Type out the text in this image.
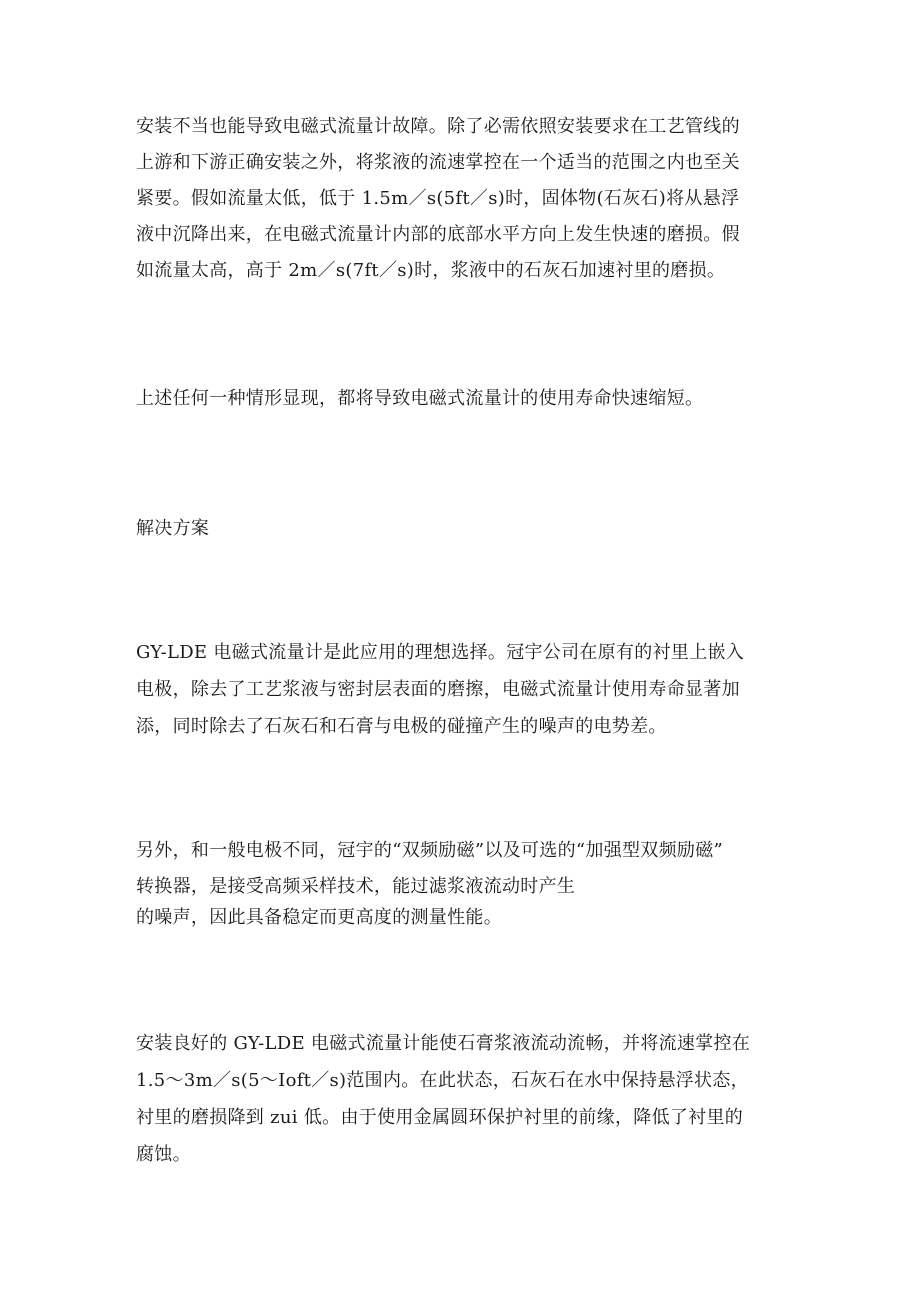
安装不当也能导致电磁式流量计故障。除了必需依照安装要求在工艺管线的
上游和下游正确安装之外，将浆液的流速掌控在一个适当的范围之内也至关
紧要。假如流量太低，低于 1.5m／s(5ft／s)时，固体物(石灰石)将从悬浮
液中沉降出来，在电磁式流量计内部的底部水平方向上发生快速的磨损。假
如流量太高，高于 2m／s(7ft／s)时，浆液中的石灰石加速衬里的磨损。
上述任何一种情形显现，都将导致电磁式流量计的使用寿命快速缩短。
解决方案
GY-LDE 电磁式流量计是此应用的理想选择。冠宇公司在原有的衬里上嵌入
电极，除去了工艺浆液与密封层表面的磨擦，电磁式流量计使用寿命显著加
添，同时除去了石灰石和石膏与电极的碰撞产生的噪声的电势差。
另外，和一般电极不同，冠宇的“双频励磁”以及可选的“加强型双频励磁”
转换器，是接受高频采样技术，能过滤浆液流动时产生
的噪声，因此具备稳定而更高度的测量性能。
安装良好的 GY-LDE 电磁式流量计能使石膏浆液流动流畅，并将流速掌控在
1.5～3m／s(5～Ioft／s)范围内。在此状态，石灰石在水中保持悬浮状态，
衬里的磨损降到 zui 低。由于使用金属圆环保护衬里的前缘，降低了衬里的
腐蚀。
